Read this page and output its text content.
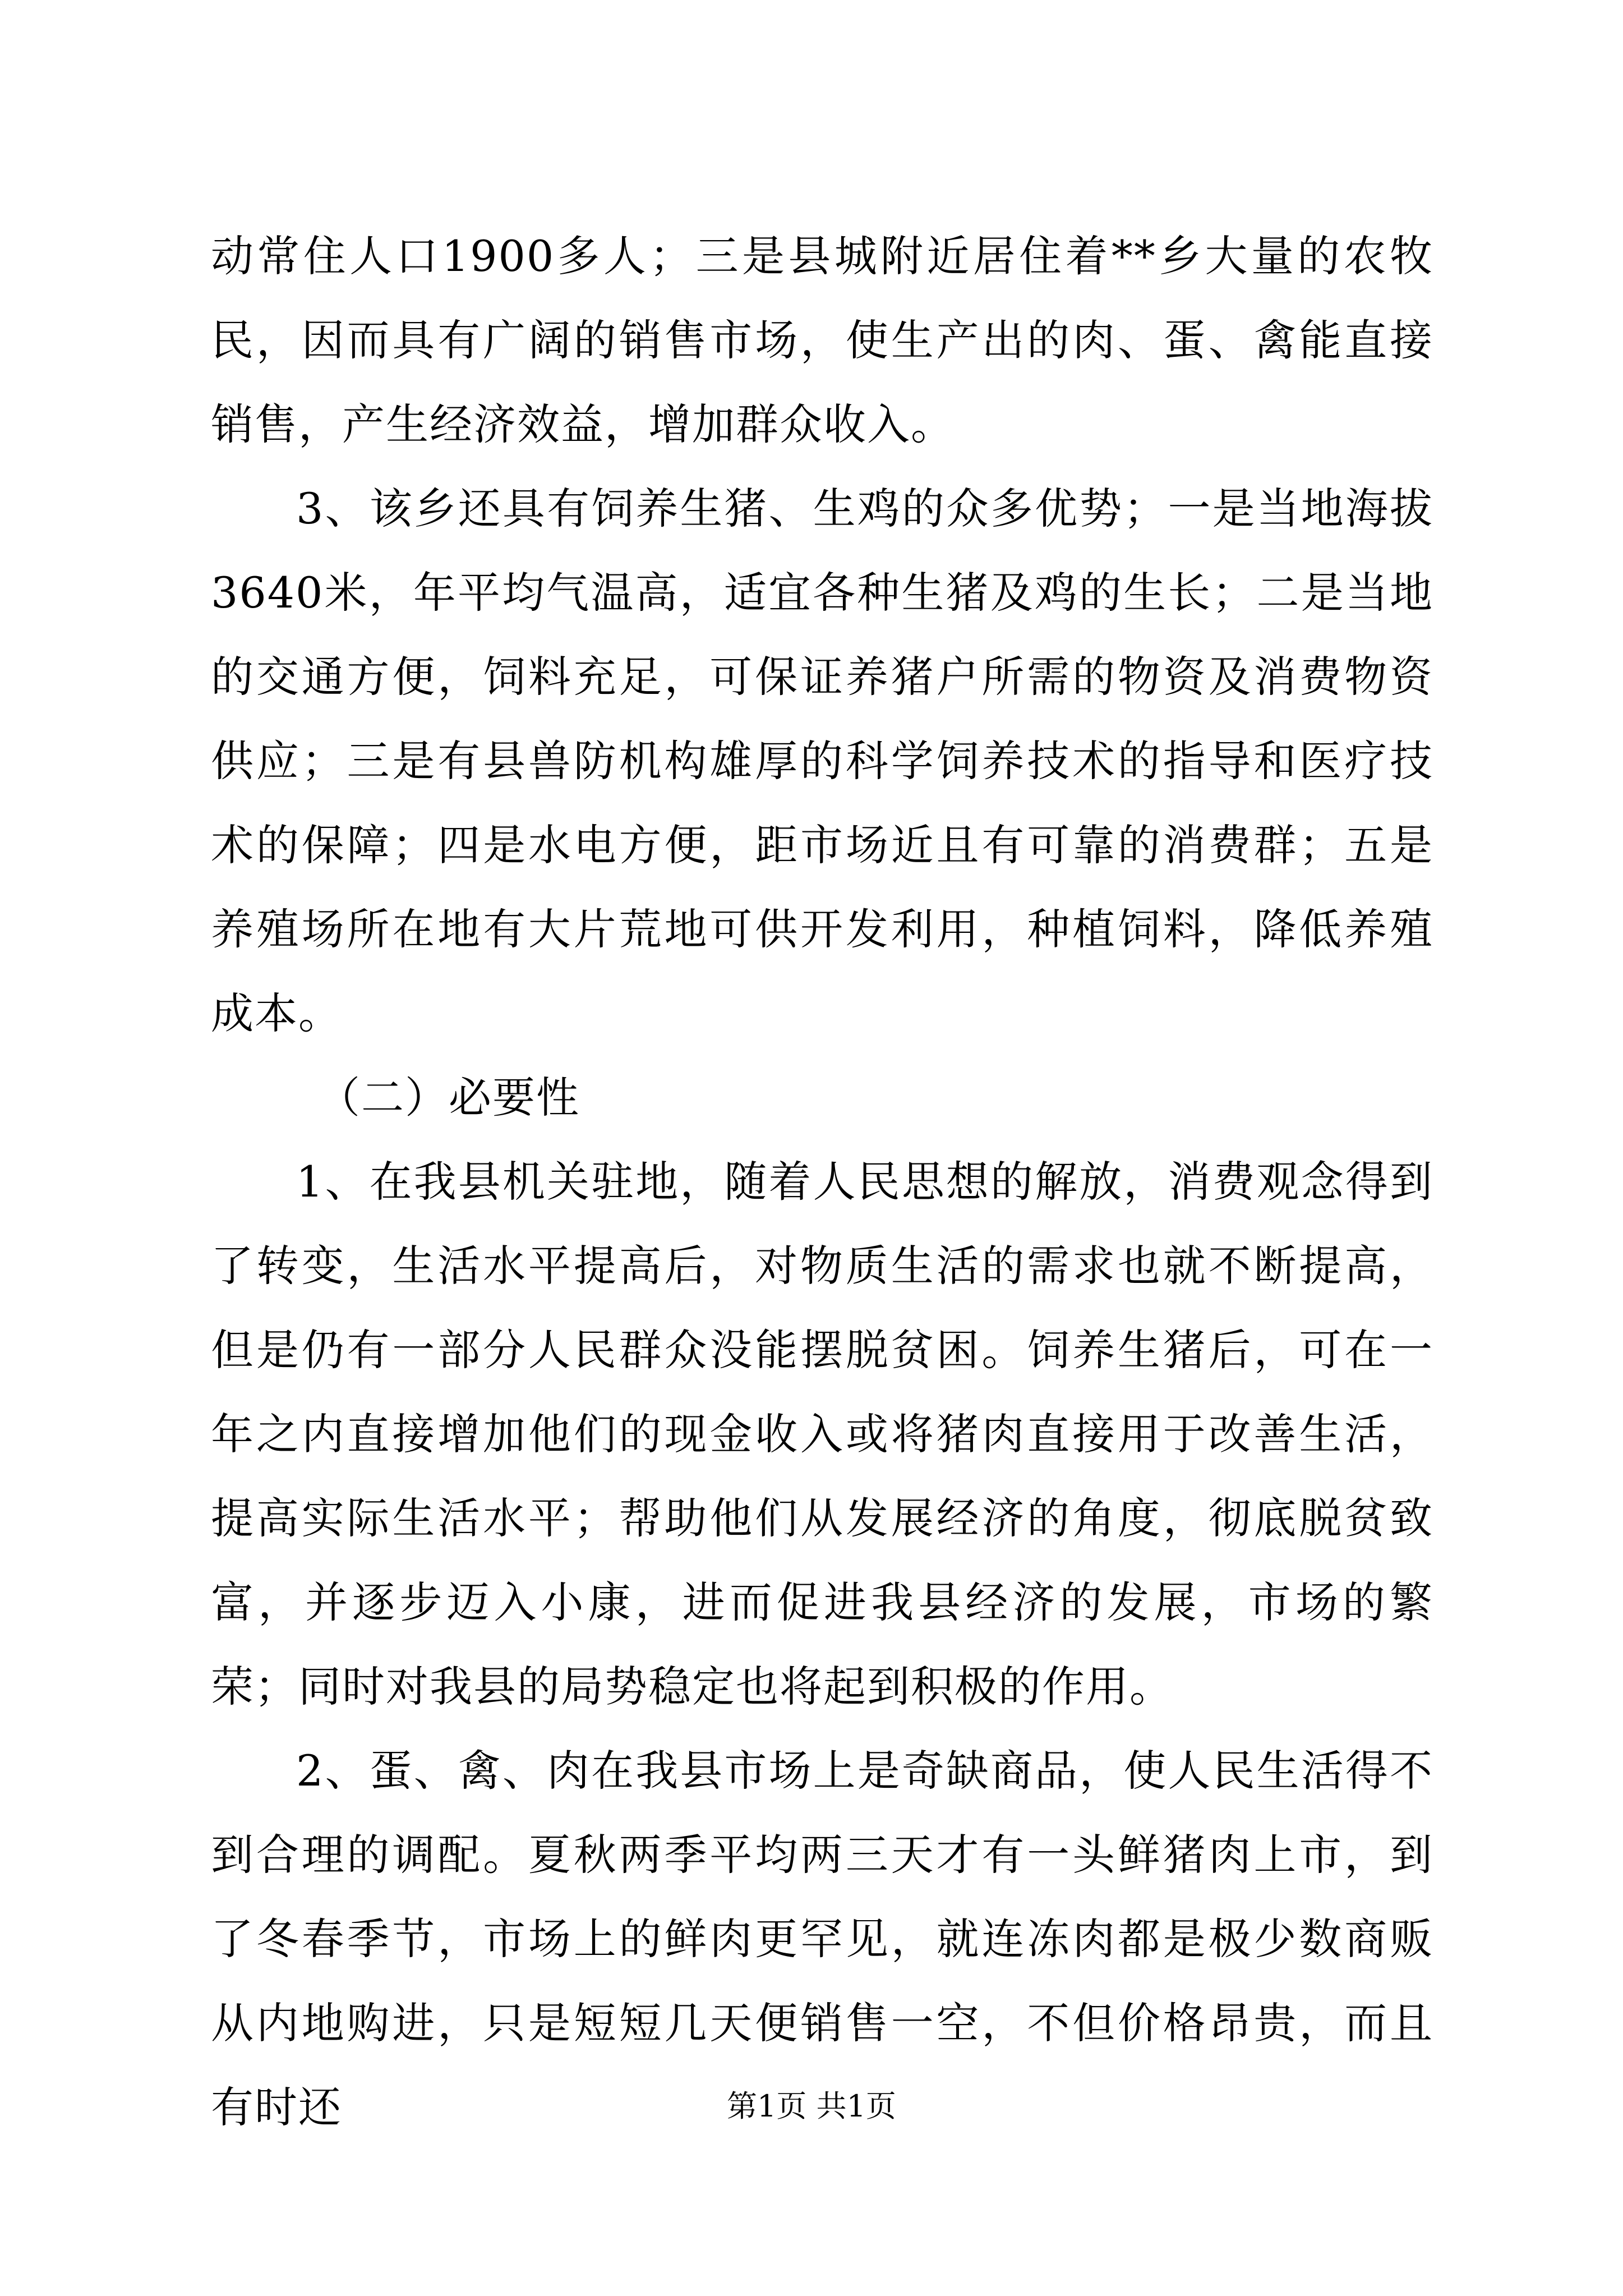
动常住人口1900多人；三是县城附近居住着**乡大量的农牧民，因而具有广阔的销售市场，使生产出的肉、蛋、禽能直接销售，产生经济效益，增加群众收入。

3、该乡还具有饲养生猪、生鸡的众多优势；一是当地海拔3640米，年平均气温高，适宜各种生猪及鸡的生长；二是当地的交通方便，饲料充足，可保证养猪户所需的物资及消费物资供应；三是有县兽防机构雄厚的科学饲养技术的指导和医疗技术的保障；四是水电方便，距市场近且有可靠的消费群；五是养殖场所在地有大片荒地可供开发利用，种植饲料，降低养殖成本。

（二）必要性

1、在我县机关驻地，随着人民思想的解放，消费观念得到了转变，生活水平提高后，对物质生活的需求也就不断提高，但是仍有一部分人民群众没能摆脱贫困。饲养生猪后，可在一年之内直接增加他们的现金收入或将猪肉直接用于改善生活，提高实际生活水平；帮助他们从发展经济的角度，彻底脱贫致富，并逐步迈入小康，进而促进我县经济的发展，市场的繁荣；同时对我县的局势稳定也将起到积极的作用。

2、蛋、禽、肉在我县市场上是奇缺商品，使人民生活得不到合理的调配。夏秋两季平均两三天才有一头鲜猪肉上市，到了冬春季节，市场上的鲜肉更罕见，就连冻肉都是极少数商贩从内地购进，只是短短几天便销售一空，不但价格昂贵，而且有时还	第1页 共1页
